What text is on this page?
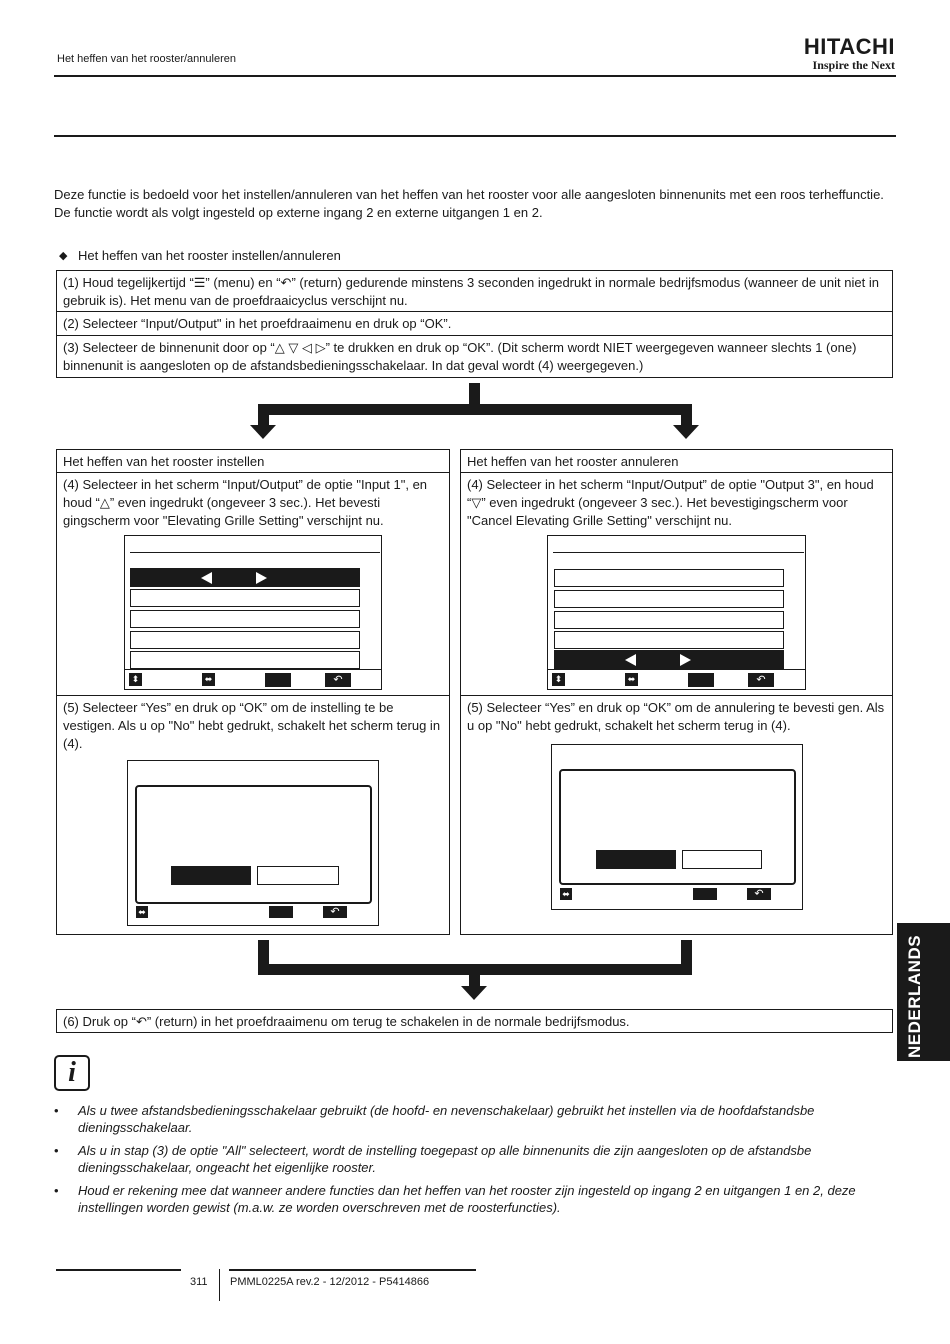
Het heffen van het rooster/annuleren	HITACHI
Inspire the Next
Deze functie is bedoeld voor het instellen/annuleren van het heffen van het rooster voor alle aangesloten binnenunits met een roos terheffunctie. De functie wordt als volgt ingesteld op externe ingang 2 en externe uitgangen 1 en 2.
◆ Het heffen van het rooster instellen/annuleren
(1) Houd tegelijkertijd “☰” (menu) en “↶” (return) gedurende minstens 3 seconden ingedrukt in normale bedrijfsmodus (wanneer de unit niet in gebruik is). Het menu van de proefdraaicyclus verschijnt nu.
(2) Selecteer “Input/Output" in het proefdraaimenu en druk op “OK”.
(3) Selecteer de binnenunit door op “△ ▽ ◁ ▷” te drukken en druk op “OK”. (Dit scherm wordt NIET weergegeven wanneer slechts 1 (one) binnenunit is aangesloten op de afstandsbedieningsschakelaar. In dat geval wordt (4) weergegeven.)
Het heffen van het rooster instellen
(4) Selecteer in het scherm “Input/Output” de optie "Input 1", en houd “△” even ingedrukt (ongeveer 3 sec.). Het bevesti gingscherm voor "Elevating Grille Setting" verschijnt nu.
⬍	⬌	↶
(5) Selecteer “Yes” en druk op “OK” om de instelling te be vestigen. Als u op "No" hebt gedrukt, schakelt het scherm terug in (4).
⬌	↶
Het heffen van het rooster annuleren
(4) Selecteer in het scherm “Input/Output” de optie "Output 3", en houd “▽” even ingedrukt (ongeveer 3 sec.). Het bevestigingscherm voor "Cancel Elevating Grille Setting" verschijnt nu.
⬍	⬌	↶
(5) Selecteer “Yes” en druk op “OK” om de annulering te bevesti gen. Als u op "No" hebt gedrukt, schakelt het scherm terug in (4).
⬌	↶
(6) Druk op “↶” (return) in het proefdraaimenu om terug te schakelen in de normale bedrijfsmodus.	NEDERLANDS
i
• Als u twee afstandsbedieningsschakelaar gebruikt (de hoofd- en nevenschakelaar) gebruikt het instellen via de hoofdafstandsbe dieningsschakelaar.
• Als u in stap (3) de optie "All" selecteert, wordt de instelling toegepast op alle binnenunits die zijn aangesloten op de afstandsbe dieningsschakelaar, ongeacht het eigenlijke rooster.
• Houd er rekening mee dat wanneer andere functies dan het heffen van het rooster zijn ingesteld op ingang 2 en uitgangen 1 en 2, deze instellingen worden gewist (m.a.w. ze worden overschreven met de roosterfuncties).
311 PMML0225A rev.2 - 12/2012 - P5414866
